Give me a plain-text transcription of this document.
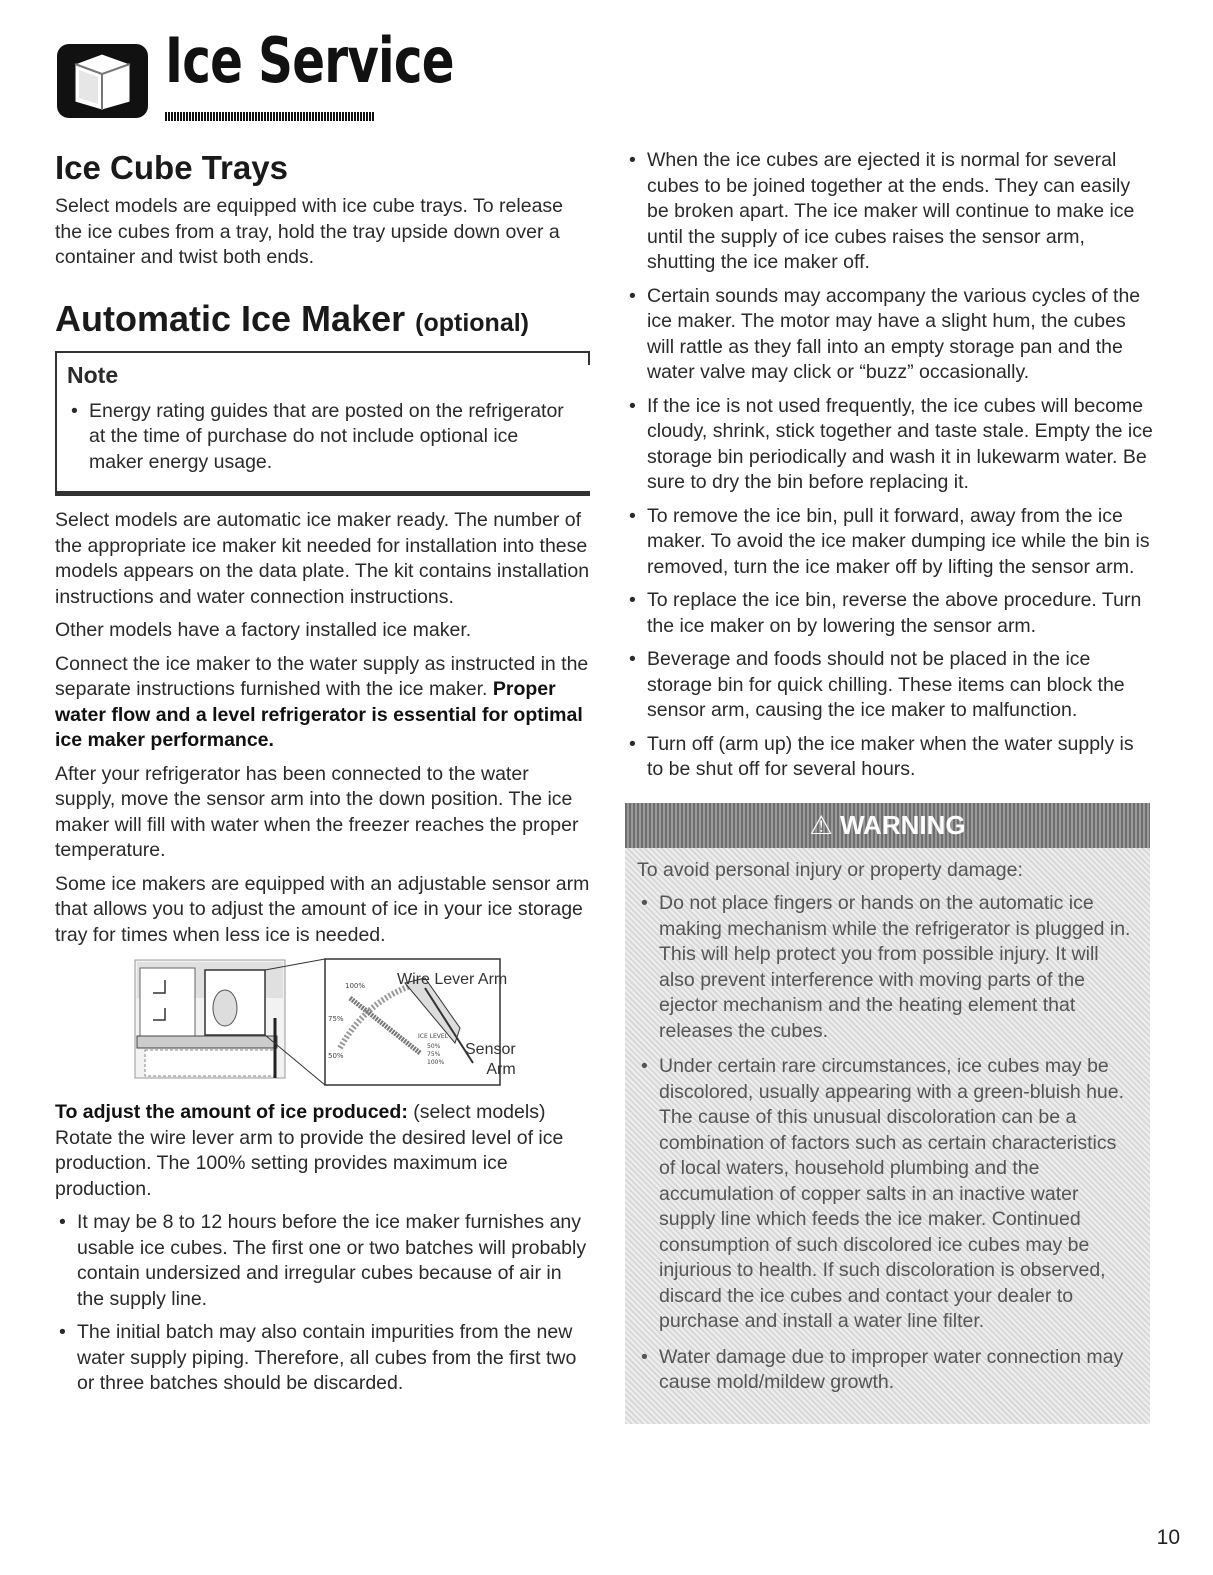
Ice Service
Ice Cube Trays

Select models are equipped with ice cube trays. To release the ice cubes from a tray, hold the tray upside down over a container and twist both ends.

Automatic Ice Maker (optional)
Note
• Energy rating guides that are posted on the refrigerator at the time of purchase do not include optional ice maker energy usage.

Select models are automatic ice maker ready. The number of the appropriate ice maker kit needed for installation into these models appears on the data plate. The kit contains installation instructions and water connection instructions.

Other models have a factory installed ice maker.

Connect the ice maker to the water supply as instructed in the separate instructions furnished with the ice maker. Proper water flow and a level refrigerator is essential for optimal ice maker performance.

After your refrigerator has been connected to the water supply, move the sensor arm into the down position. The ice maker will fill with water when the freezer reaches the proper temperature.

Some ice makers are equipped with an adjustable sensor arm that allows you to adjust the amount of ice in your ice storage tray for times when less ice is needed.

100%
75%
50%
ICE LEVEL
50%
75%
100%
Wire Lever Arm
Sensor
Arm

To adjust the amount of ice produced: (select models) Rotate the wire lever arm to provide the desired level of ice production. The 100% setting provides maximum ice production.

• It may be 8 to 12 hours before the ice maker furnishes any usable ice cubes. The first one or two batches will probably contain undersized and irregular cubes because of air in the supply line.
• The initial batch may also contain impurities from the new water supply piping. Therefore, all cubes from the first two or three batches should be discarded.
• When the ice cubes are ejected it is normal for several cubes to be joined together at the ends. They can easily be broken apart. The ice maker will continue to make ice until the supply of ice cubes raises the sensor arm, shutting the ice maker off.
• Certain sounds may accompany the various cycles of the ice maker. The motor may have a slight hum, the cubes will rattle as they fall into an empty storage pan and the water valve may click or “buzz” occasionally.
• If the ice is not used frequently, the ice cubes will become cloudy, shrink, stick together and taste stale. Empty the ice storage bin periodically and wash it in lukewarm water. Be sure to dry the bin before replacing it.
• To remove the ice bin, pull it forward, away from the ice maker. To avoid the ice maker dumping ice while the bin is removed, turn the ice maker off by lifting the sensor arm.
• To replace the ice bin, reverse the above procedure. Turn the ice maker on by lowering the sensor arm.
• Beverage and foods should not be placed in the ice storage bin for quick chilling. These items can block the sensor arm, causing the ice maker to malfunction.
• Turn off (arm up) the ice maker when the water supply is to be shut off for several hours.
⚠ WARNING

To avoid personal injury or property damage:

• Do not place fingers or hands on the automatic ice making mechanism while the refrigerator is plugged in. This will help protect you from possible injury. It will also prevent interference with moving parts of the ejector mechanism and the heating element that releases the cubes.
• Under certain rare circumstances, ice cubes may be discolored, usually appearing with a green-bluish hue. The cause of this unusual discoloration can be a combination of factors such as certain characteristics of local waters, household plumbing and the accumulation of copper salts in an inactive water supply line which feeds the ice maker. Continued consumption of such discolored ice cubes may be injurious to health. If such discoloration is observed, discard the ice cubes and contact your dealer to purchase and install a water line filter.
• Water damage due to improper water connection may cause mold/mildew growth.
10
